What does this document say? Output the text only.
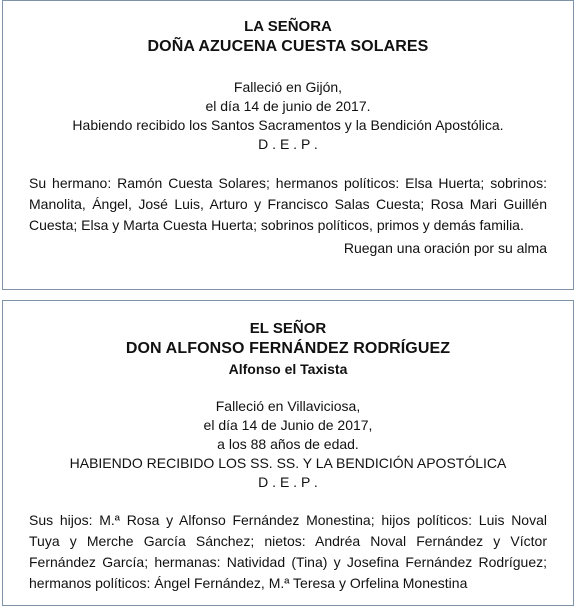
LA SEÑORA
DOÑA AZUCENA CUESTA SOLARES
Falleció en Gijón,
el día 14 de junio de 2017.
Habiendo recibido los Santos Sacramentos y la Bendición Apostólica.
D . E . P .
Su hermano: Ramón Cuesta Solares; hermanos políticos: Elsa Huerta; sobrinos: Manolita, Ángel, José Luis, Arturo y Francisco Salas Cuesta; Rosa Mari Guillén Cuesta; Elsa y Marta Cuesta Huerta; sobrinos políticos, primos y demás familia.
Ruegan una oración por su alma
EL SEÑOR
DON ALFONSO FERNÁNDEZ RODRÍGUEZ
Alfonso el Taxista
Falleció en Villaviciosa,
el día 14 de Junio de 2017,
a los 88 años de edad.
HABIENDO RECIBIDO LOS SS. SS. Y LA BENDICIÓN APOSTÓLICA
D . E . P .
Sus hijos: M.ª Rosa y Alfonso Fernández Monestina; hijos políticos: Luis Noval Tuya y Merche García Sánchez; nietos: Andréa Noval Fernández y Víctor Fernández García; hermanas: Natividad (Tina) y Josefina Fernández Rodríguez; hermanos políticos: Ángel Fernández, M.ª Teresa y Orfelina Monestina
